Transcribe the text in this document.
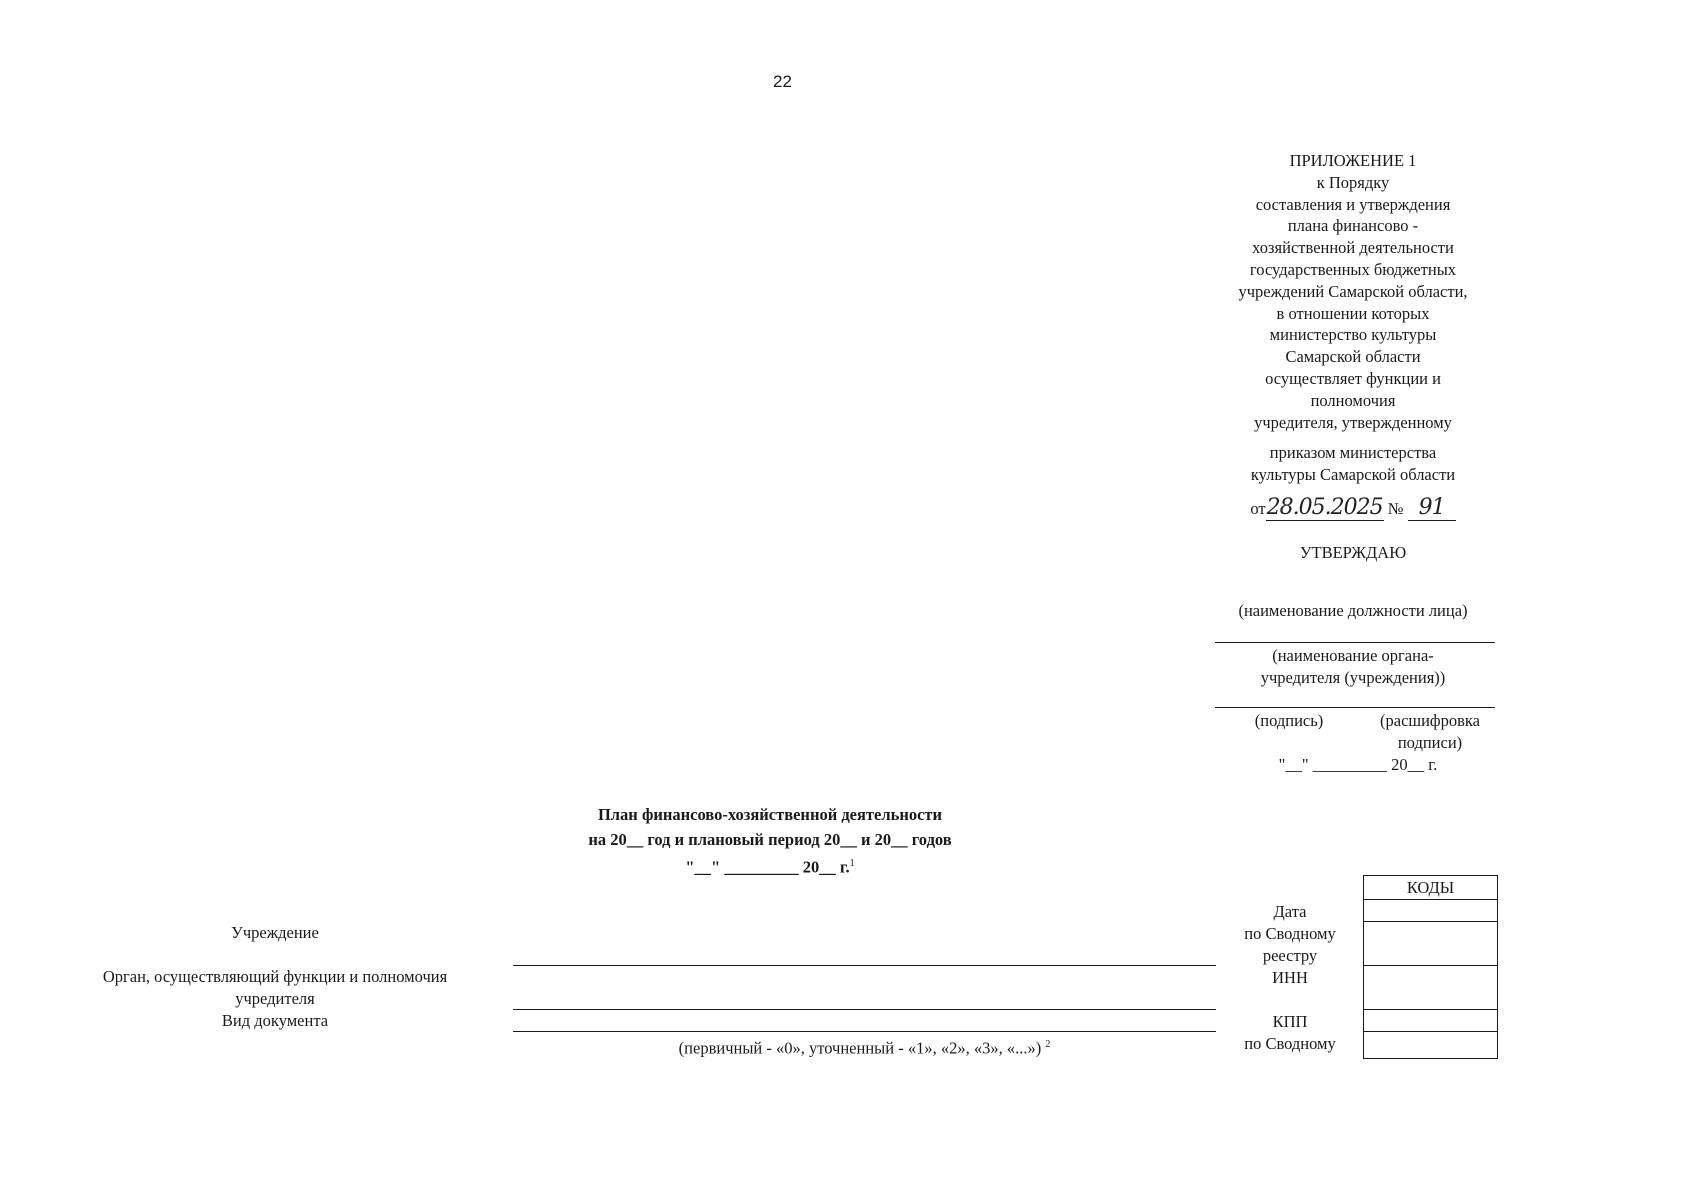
22
ПРИЛОЖЕНИЕ 1
к Порядку
составления и утверждения
плана финансово -
хозяйственной деятельности
государственных бюджетных
учреждений Самарской области,
в отношении которых
министерство культуры
Самарской области
осуществляет функции и
полномочия
учредителя, утвержденному
приказом министерства
культуры Самарской области
от28.05.2025 № 91
УТВЕРЖДАЮ
(наименование должности лица)
(наименование органа-
учредителя (учреждения))
(подпись)	(расшифровка
подписи)
"__" _________ 20__ г.
План финансово-хозяйственной деятельности
на 20__ год и плановый период 20__ и 20__ годов
"__" _________ 20__ г.$^1$
Учреждение
Орган, осуществляющий функции и полномочия
учредителя
Вид документа
(первичный - «0», уточненный - «1», «2», «3», «...») $^2$
Дата
по Сводному
реестру
ИНН
КПП
по Сводному
КОДЫ
